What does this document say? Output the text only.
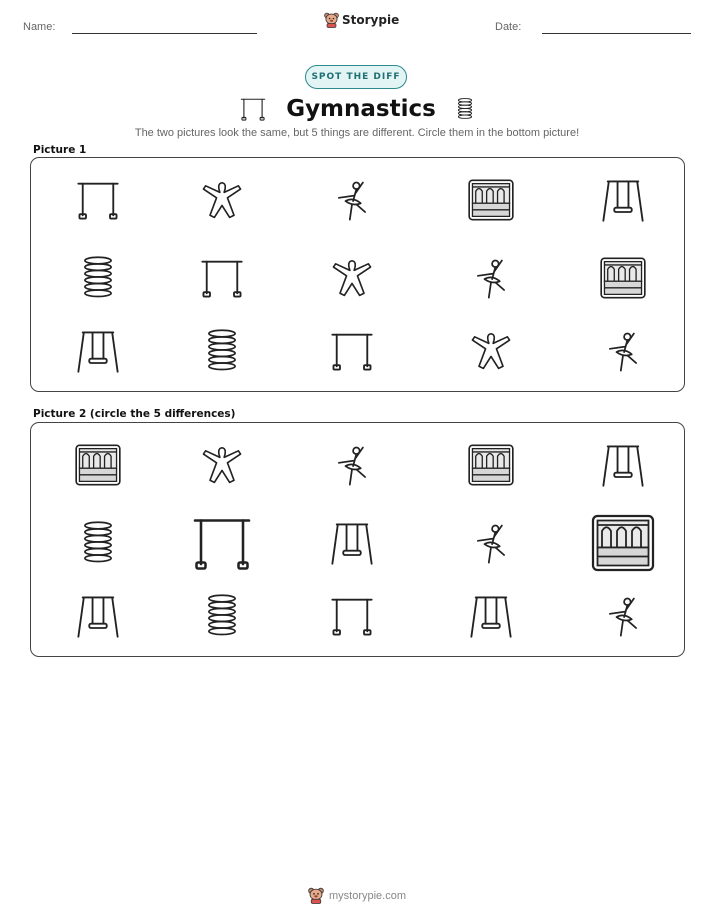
Name:	Storypie	Date:
SPOT THE DIFF
Gymnastics
The two pictures look the same, but 5 things are different. Circle them in the bottom picture!
Picture 1
Picture 2 (circle the 5 differences)
mystorypie.com
